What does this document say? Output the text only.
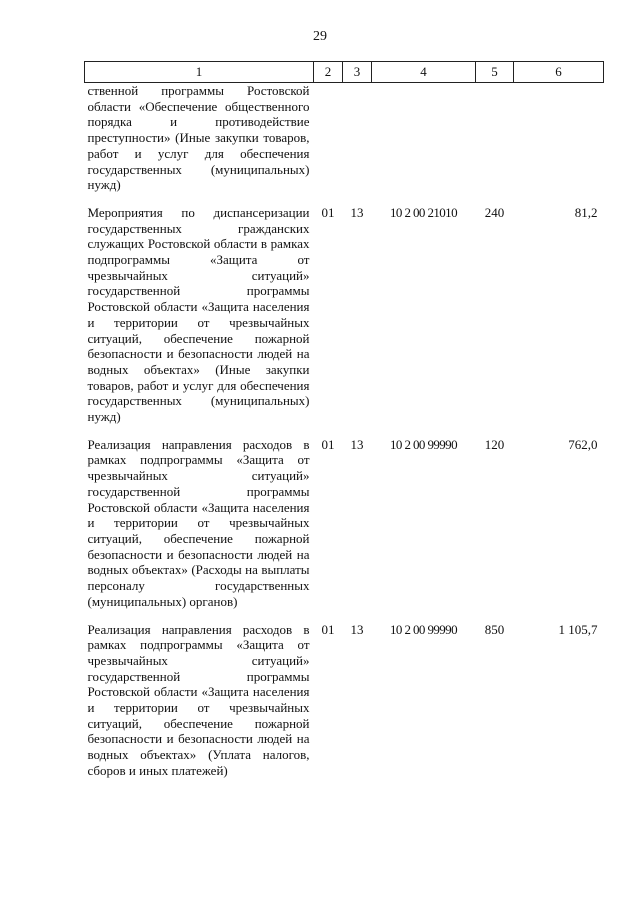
29
1	2	3	4	5	6
ственной программы Ростовской области «Обеспечение общественного порядка и противодействие преступности» (Иные закупки товаров, работ и услуг для обеспечения государственных (муниципальных) нужд)					
Мероприятия по диспансеризации государственных гражданских служащих Ростовской области в рамках подпрограммы «Защита от чрезвычайных ситуаций» государственной программы Ростовской области «Защита населения и территории от чрезвычайных ситуаций, обеспечение пожарной безопасности и безопасности людей на водных объектах» (Иные закупки товаров, работ и услуг для обеспечения государственных (муниципальных) нужд)	01	13	10 2 00 21010	240	81,2
Реализация направления расходов в рамках подпрограммы «Защита от чрезвычайных ситуаций» государственной программы Ростовской области «Защита населения и территории от чрезвычайных ситуаций, обеспечение пожарной безопасности и безопасности людей на водных объектах» (Расходы на выплаты персоналу государственных (муниципальных) органов)	01	13	10 2 00 99990	120	762,0
Реализация направления расходов в рамках подпрограммы «Защита от чрезвычайных ситуаций» государственной программы Ростовской области «Защита населения и территории от чрезвычайных ситуаций, обеспечение пожарной безопасности и безопасности людей на водных объектах» (Уплата налогов, сборов и иных платежей)	01	13	10 2 00 99990	850	1 105,7
